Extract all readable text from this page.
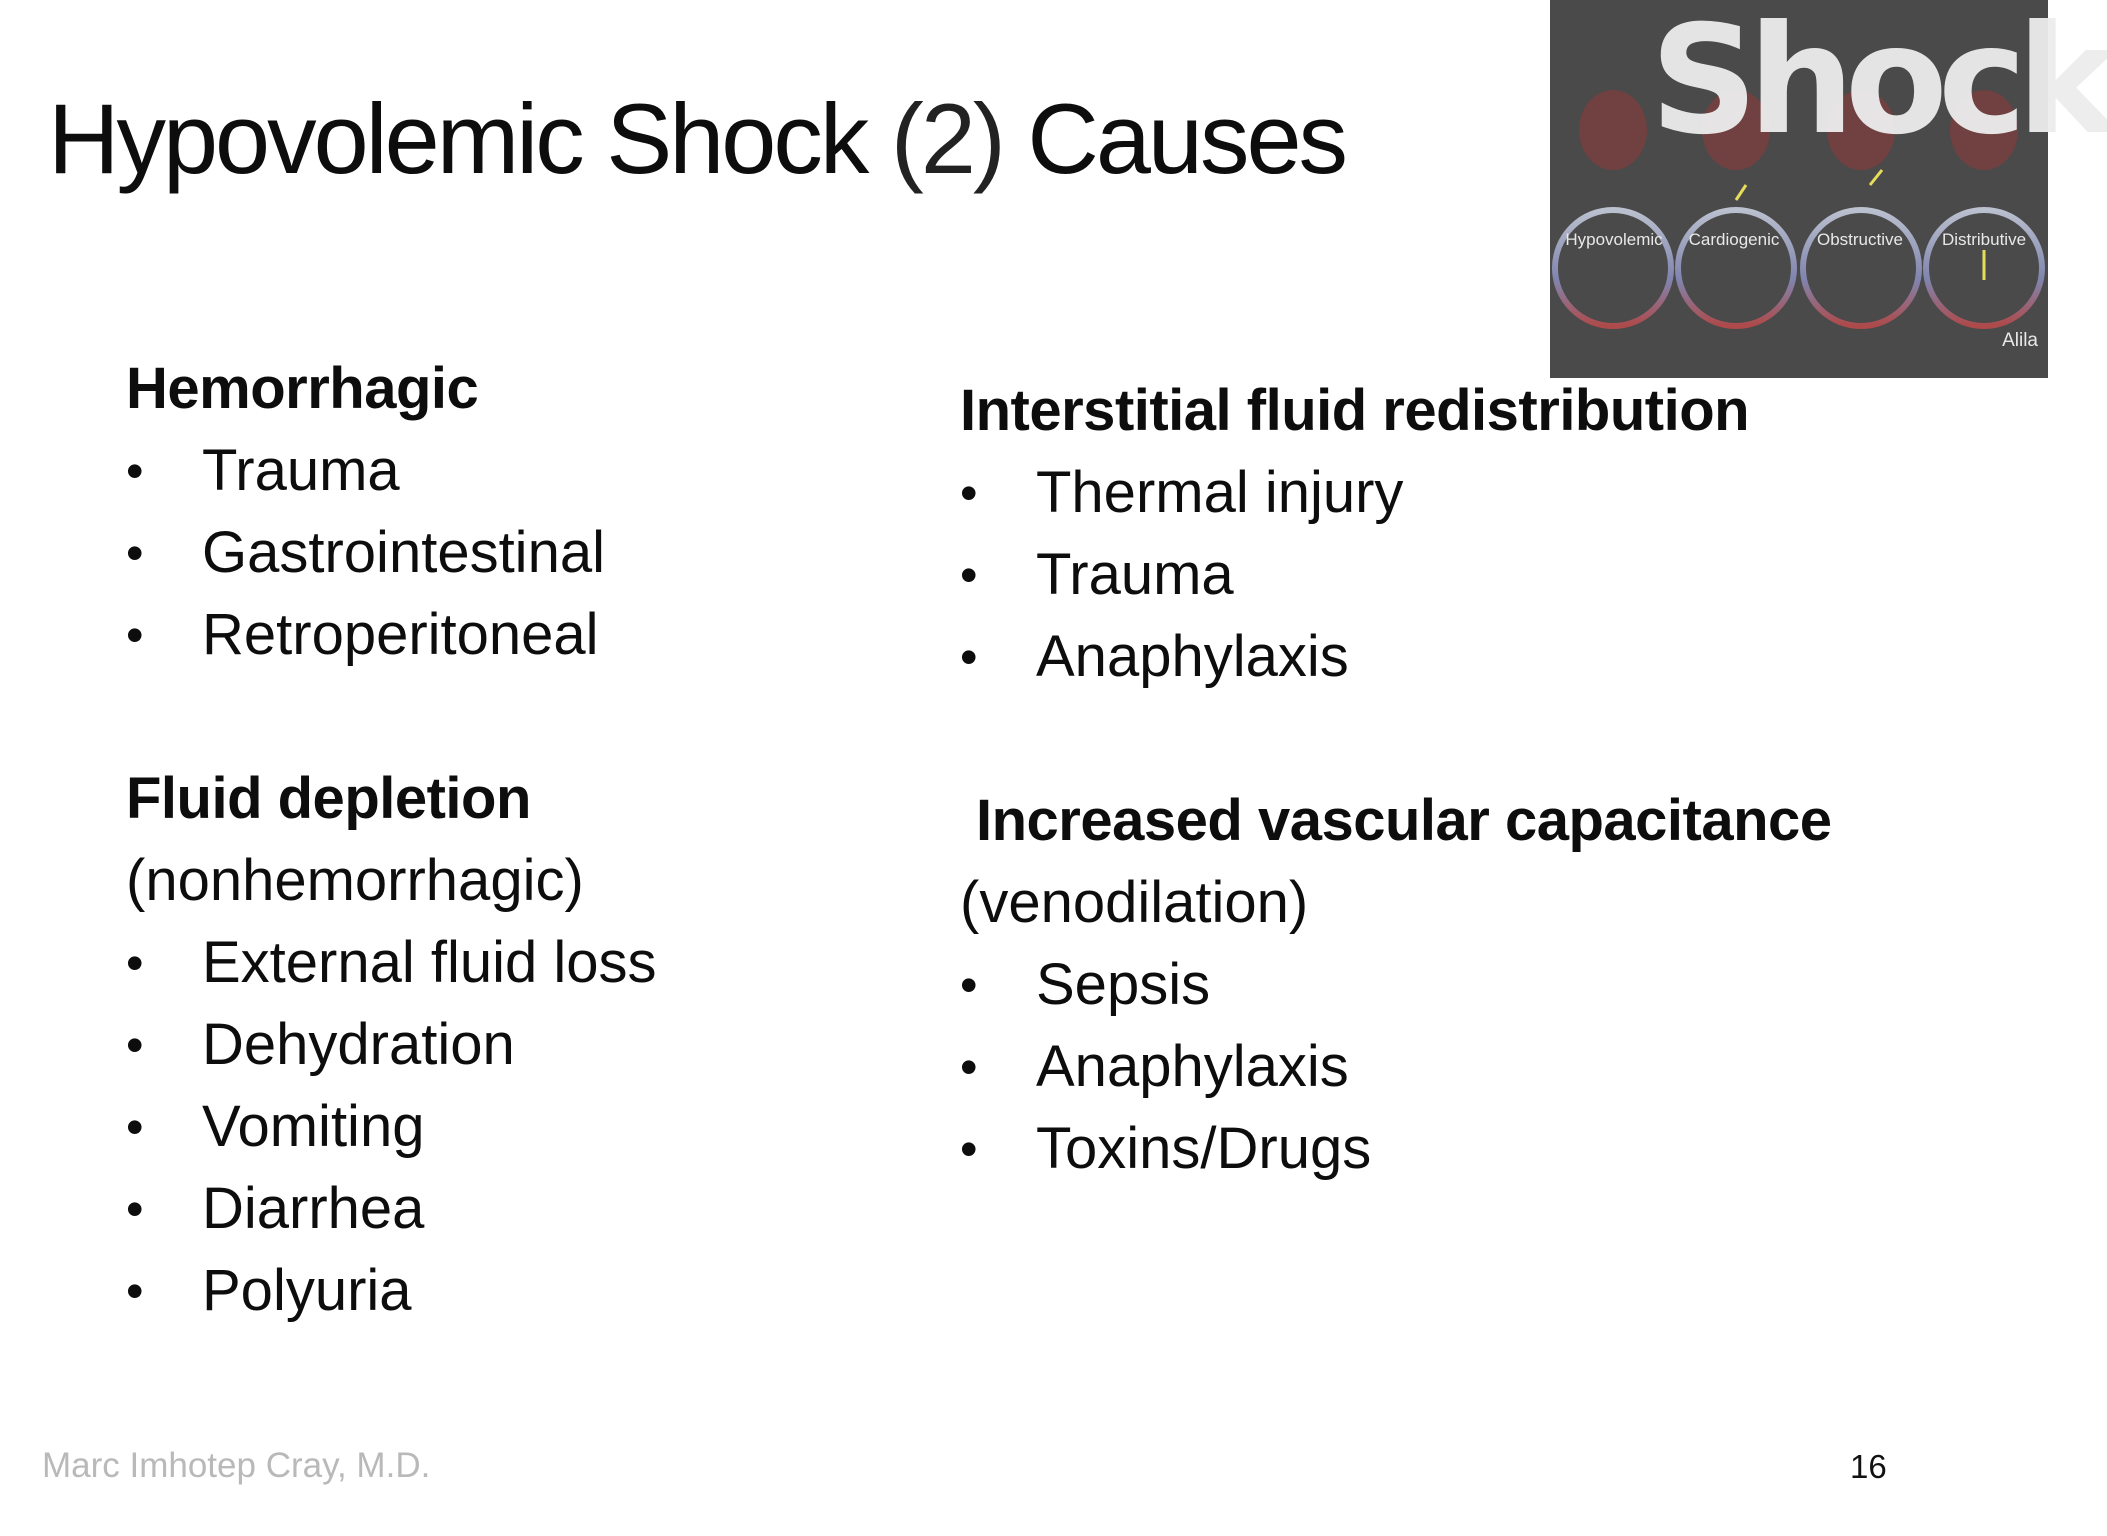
Hypovolemic Shock (2) Causes
Hemorrhagic
• Trauma
• Gastrointestinal
• Retroperitoneal
Fluid depletion
(nonhemorrhagic)
• External fluid loss
• Dehydration
• Vomiting
• Diarrhea
• Polyuria
Interstitial fluid redistribution
• Thermal injury
• Trauma
• Anaphylaxis
Increased vascular capacitance
(venodilation)
• Sepsis
• Anaphylaxis
• Toxins/Drugs
Shock
Hypovolemic Cardiogenic	Obstructive	Distributive
Alila
Marc Imhotep Cray, M.D.	16
